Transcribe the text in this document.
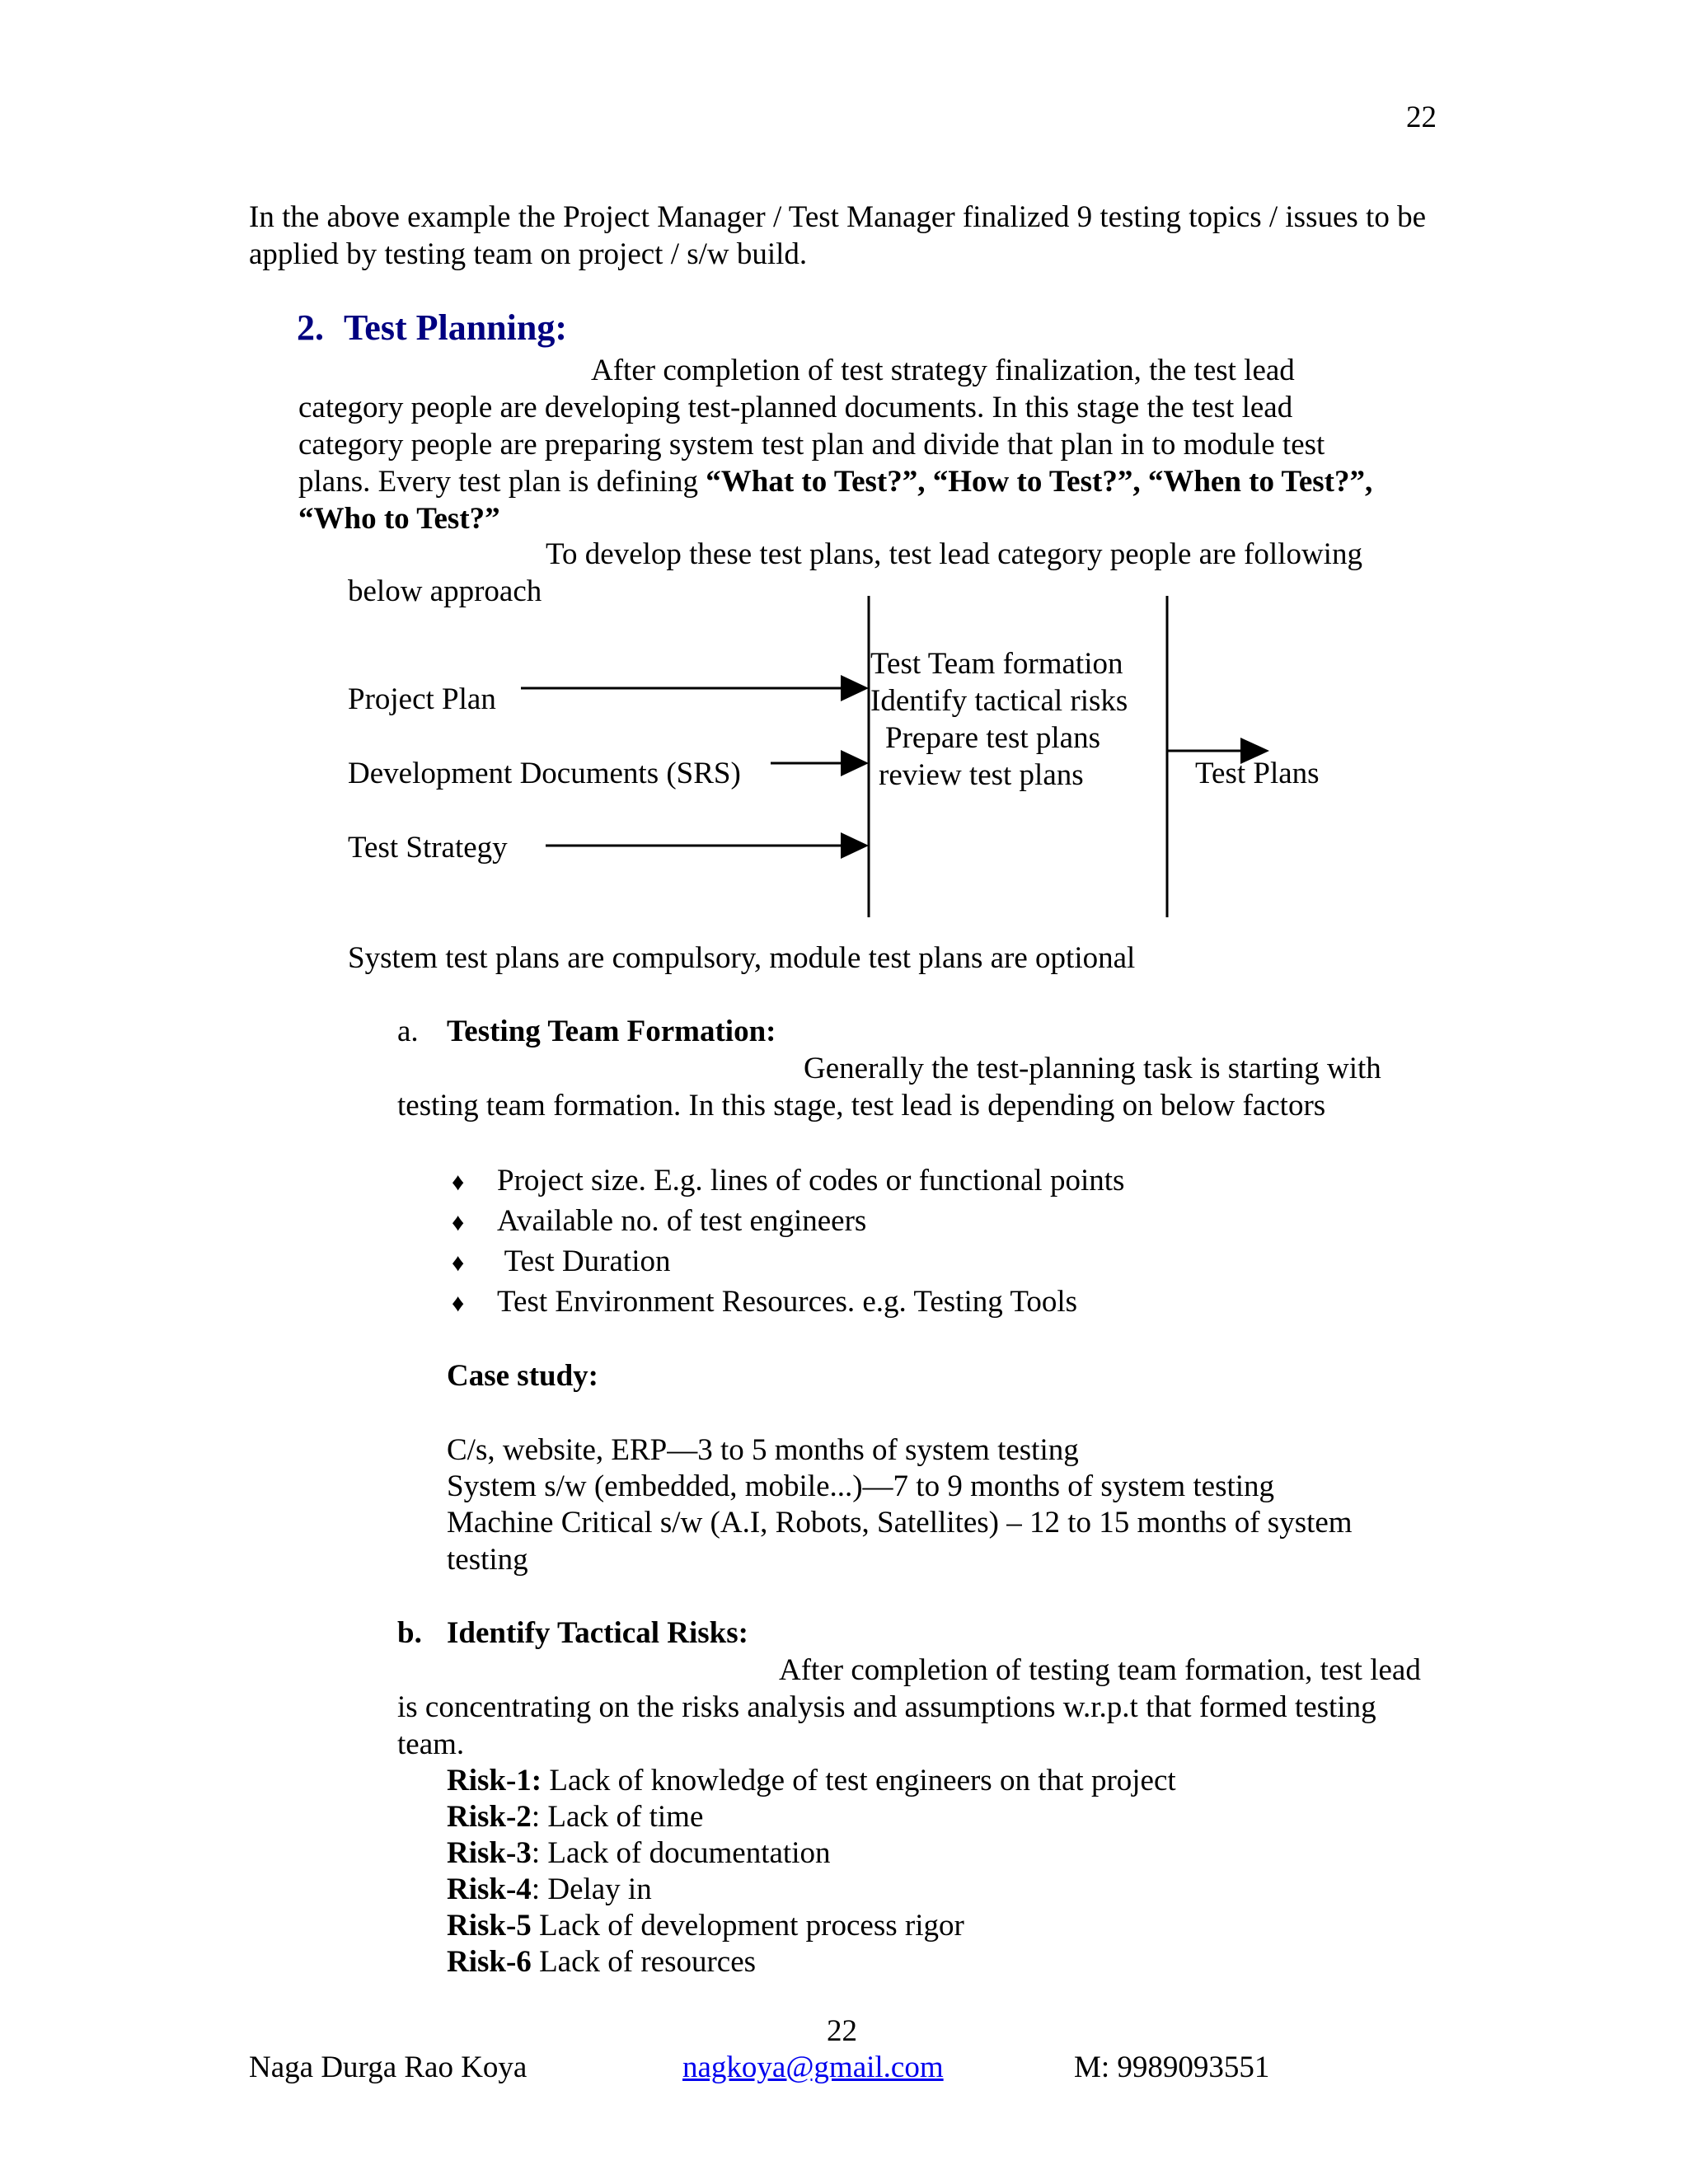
22

In the above example the Project Manager / Test Manager finalized 9 testing topics / issues to be applied by testing team on project / s/w build.

2. Test Planning:

After completion of test strategy finalization, the test lead category people are developing test-planned documents. In this stage the test lead category people are preparing system test plan and divide that plan in to module test plans. Every test plan is defining “What to Test?”, “How to Test?”, “When to Test?”, “Who to Test?”

To develop these test plans, test lead category people are following below approach

Project Plan
Development Documents (SRS)
Test Strategy
Test Team formation
Identify tactical risks
Prepare test plans
review test plans	Test Plans
System test plans are compulsory, module test plans are optional
a. Testing Team Formation:

Generally the test-planning task is starting with testing team formation. In this stage, test lead is depending on below factors

♦ Project size. E.g. lines of codes or functional points
♦ Available no. of test engineers
♦ Test Duration
♦ Test Environment Resources. e.g. Testing Tools
Case study:
C/s, website, ERP—3 to 5 months of system testing
System s/w (embedded, mobile...)—7 to 9 months of system testing

Machine Critical s/w (A.I, Robots, Satellites) – 12 to 15 months of system testing

b. Identify Tactical Risks:

After completion of testing team formation, test lead is concentrating on the risks analysis and assumptions w.r.p.t that formed testing team.

Risk-1: Lack of knowledge of test engineers on that project
Risk-2: Lack of time
Risk-3: Lack of documentation
Risk-4: Delay in
Risk-5 Lack of development process rigor
Risk-6 Lack of resources
22
Naga Durga Rao Koya	nagkoya@gmail.com	M: 9989093551
